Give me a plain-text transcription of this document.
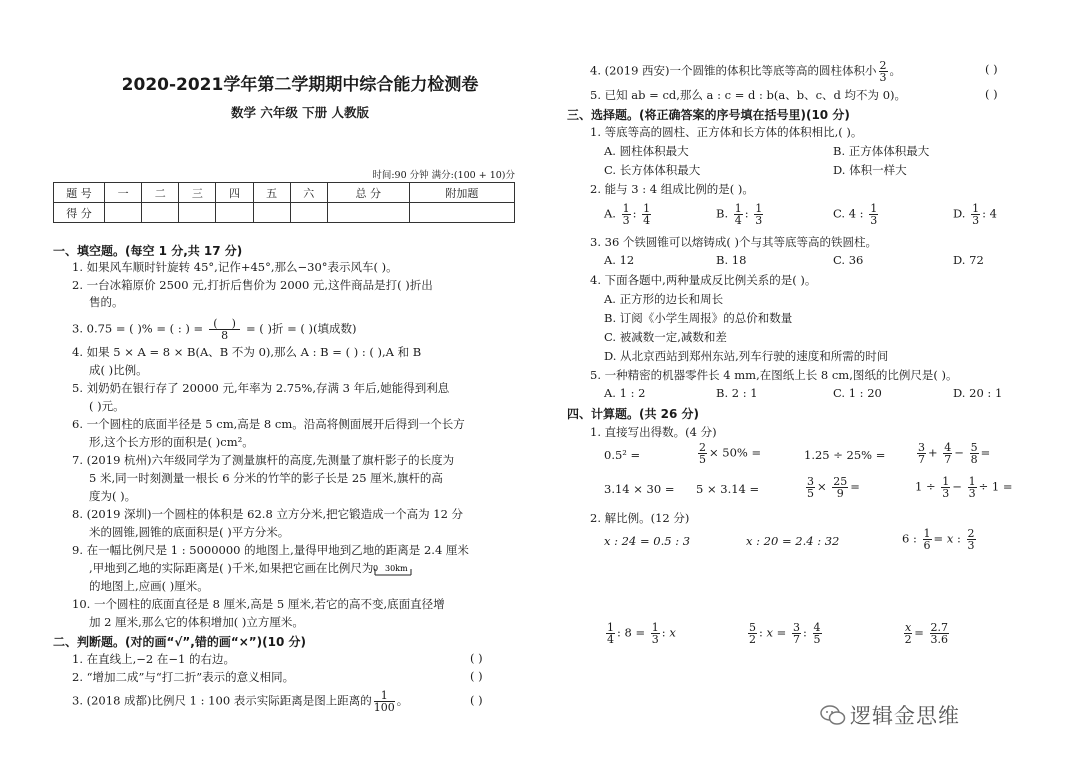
2020-2021学年第二学期期中综合能力检测卷
数学 六年级 下册 人教版
时间:90 分钟 满分:(100 + 10)分
题 号	一	二	三	四	五	六	总 分	附加题
得 分								
一、填空题。(每空 1 分,共 17 分)
1. 如果风车顺时针旋转 45°,记作+45°,那么−30°表示风车( )。
2. 一台冰箱原价 2500 元,打折后售价为 2000 元,这件商品是打( )折出
售的。
3. 0.75 = ( )% = ( : ) = $\frac{( )}{8}$ = ( )折 = ( )(填成数)
4. 如果 5 × A = 8 × B(A、B 不为 0),那么 A : B = ( ) : ( ),A 和 B
成( )比例。
5. 刘奶奶在银行存了 20000 元,年率为 2.75%,存满 3 年后,她能得到利息
( )元。
6. 一个圆柱的底面半径是 5 cm,高是 8 cm。沿高将侧面展开后得到一个长方
形,这个长方形的面积是( )cm²。
7. (2019 杭州)六年级同学为了测量旗杆的高度,先测量了旗杆影子的长度为
5 米,同一时刻测量一根长 6 分米的竹竿的影子长是 25 厘米,旗杆的高
度为( )。
8. (2019 深圳)一个圆柱的体积是 62.8 立方分米,把它锻造成一个高为 12 分
米的圆锥,圆锥的底面积是( )平方分米。
9. 在一幅比例尺是 1 : 5000000 的地图上,量得甲地到乙地的距离是 2.4 厘米
,甲地到乙地的实际距离是( )千米,如果把它画在比例尺为 0 30km
的地图上,应画( )厘米。
10. 一个圆柱的底面直径是 8 厘米,高是 5 厘米,若它的高不变,底面直径增
加 2 厘米,那么它的体积增加( )立方厘米。
二、判断题。(对的画“√”,错的画“×”)(10 分)
1. 在直线上,−2 在−1 的右边。	( )
2. “增加二成”与“打二折”表示的意义相同。	( )
3. (2018 成都)比例尺 1 : 100 表示实际距离是图上距离的 $\frac{1}{100}$ 。	( )
4. (2019 西安)一个圆锥的体积比等底等高的圆柱体积小 $\frac{2}{3}$ 。	( )
5. 已知 ab = cd,那么 a : c = d : b(a、b、c、d 均不为 0)。	( )
三、选择题。(将正确答案的序号填在括号里)(10 分)
1. 等底等高的圆柱、正方体和长方体的体积相比,( )。
A. 圆柱体积最大	B. 正方体体积最大
C. 长方体体积最大	D. 体积一样大
2. 能与 3 : 4 组成比例的是( )。
A. $\frac{1}{3}$ : $\frac{1}{4}$	B. $\frac{1}{4}$ : $\frac{1}{3}$	C. 4 : $\frac{1}{3}$	D. $\frac{1}{3}$ : 4
3. 36 个铁圆锥可以熔铸成( )个与其等底等高的铁圆柱。
A. 12	B. 18	C. 36	D. 72
4. 下面各题中,两种量成反比例关系的是( )。
A. 正方形的边长和周长
B. 订阅《小学生周报》的总价和数量
C. 被减数一定,减数和差
D. 从北京西站到郑州东站,列车行驶的速度和所需的时间
5. 一种精密的机器零件长 4 mm,在图纸上长 8 cm,图纸的比例尺是( )。
A. 1 : 2	B. 2 : 1	C. 1 : 20	D. 20 : 1
四、计算题。(共 26 分)
1. 直接写出得数。(4 分)
0.5² =	$\frac{2}{5} \times 50\%$ =	1.25 ÷ 25% =	$\frac{3}{7} + \frac{4}{7} - \frac{5}{8}$ =
3.14 × 30 = 5 × 3.14 =	$\frac{3}{5} \times \frac{25}{9}$ =	$1 \div \frac{1}{3} - \frac{1}{3} \div 1$ =
2. 解比例。(12 分)
x : 24 = 0.5 : 3	x : 20 = 2.4 : 32	6 : $\frac{1}{6} = x$ : $\frac{2}{3}$
$\frac{1}{4}$ : $8 = \frac{1}{3}$ : x	$\frac{5}{2}$ : $x = \frac{3}{7}$ : $\frac{4}{5}$	$\frac{x}{2} = \frac{2.7}{3.6}$
逻辑金思维
